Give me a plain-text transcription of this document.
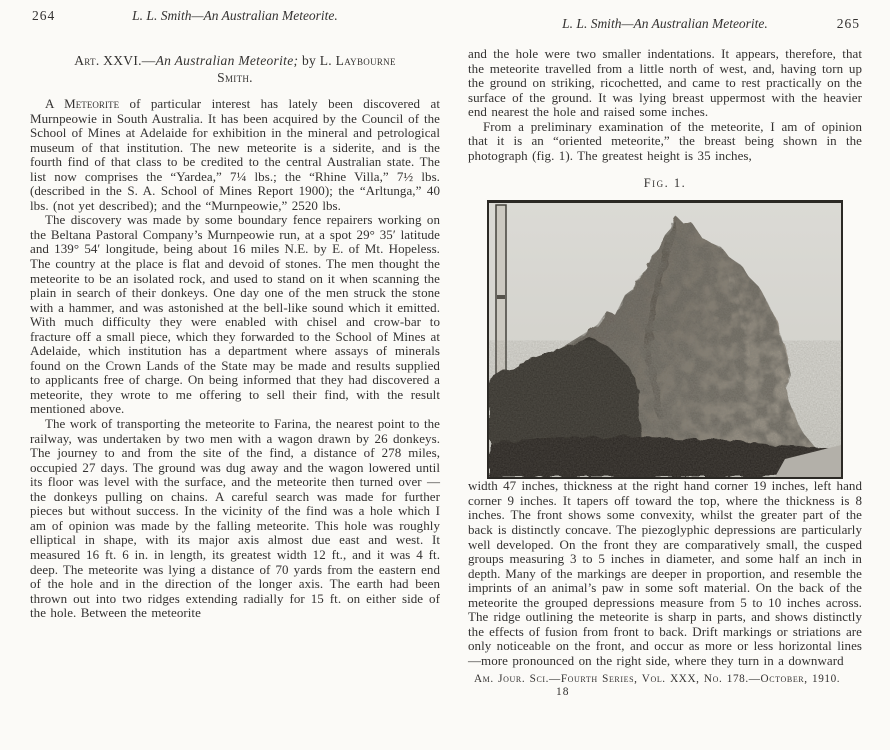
264	L. L. Smith—An Australian Meteorite.
Art. XXVI.—An Australian Meteorite; by L. Laybourne
Smith.

A Meteorite of particular interest has lately been discovered at Murnpeowie in South Australia. It has been acquired by the Council of the School of Mines at Adelaide for exhibition in the mineral and petrological museum of that institution. The new meteorite is a siderite, and is the fourth find of that class to be credited to the central Australian state. The list now comprises the “Yardea,” 7¼ lbs.; the “Rhine Villa,” 7½ lbs. (described in the S. A. School of Mines Report 1900); the “Arltunga,” 40 lbs. (not yet described); and the “Murnpeowie,” 2520 lbs.

The discovery was made by some boundary fence repairers working on the Beltana Pastoral Company’s Murnpeowie run, at a spot 29° 35′ latitude and 139° 54′ longitude, being about 16 miles N.E. by E. of Mt. Hopeless. The country at the place is flat and devoid of stones. The men thought the meteorite to be an isolated rock, and used to stand on it when scanning the plain in search of their donkeys. One day one of the men struck the stone with a hammer, and was astonished at the bell-like sound which it emitted. With much difficulty they were enabled with chisel and crow-bar to fracture off a small piece, which they forwarded to the School of Mines at Adelaide, which institution has a department where assays of minerals found on the Crown Lands of the State may be made and results supplied to applicants free of charge. On being informed that they had discovered a meteorite, they wrote to me offering to sell their find, with the result mentioned above.

The work of transporting the meteorite to Farina, the nearest point to the railway, was undertaken by two men with a wagon drawn by 26 donkeys. The journey to and from the site of the find, a distance of 278 miles, occupied 27 days. The ground was dug away and the wagon lowered until its floor was level with the surface, and the meteorite then turned over —the donkeys pulling on chains. A careful search was made for further pieces but without success. In the vicinity of the find was a hole which I am of opinion was made by the falling meteorite. This hole was roughly elliptical in shape, with its major axis almost due east and west. It measured 16 ft. 6 in. in length, its greatest width 12 ft., and it was 4 ft. deep. The meteorite was lying a distance of 70 yards from the eastern end of the hole and in the direction of the longer axis. The earth had been thrown out into two ridges extending radially for 15 ft. on either side of the hole. Between the meteorite

L. L. Smith—An Australian Meteorite.	265

and the hole were two smaller indentations. It appears, therefore, that the meteorite travelled from a little north of west, and, having torn up the ground on striking, ricochetted, and came to rest practically on the surface of the ground. It was lying breast uppermost with the heavier end nearest the hole and raised some inches.

From a preliminary examination of the meteorite, I am of opinion that it is an “oriented meteorite,” the breast being shown in the photograph (fig. 1). The greatest height is 35 inches,

Fig. 1.

width 47 inches, thickness at the right hand corner 19 inches, left hand corner 9 inches. It tapers off toward the top, where the thickness is 8 inches. The front shows some convexity, whilst the greater part of the back is distinctly concave. The piezoglyphic depressions are particularly well developed. On the front they are comparatively small, the cusped groups measuring 3 to 5 inches in diameter, and some half an inch in depth. Many of the markings are deeper in proportion, and resemble the imprints of an animal’s paw in some soft material. On the back of the meteorite the grouped depressions measure from 5 to 10 inches across. The ridge outlining the meteorite is sharp in parts, and shows distinctly the effects of fusion from front to back. Drift markings or striations are only noticeable on the front, and occur as more or less horizontal lines—more pronounced on the right side, where they turn in a downward

Am. Jour. Sci.—Fourth Series, Vol. XXX, No. 178.—October, 1910.
18
